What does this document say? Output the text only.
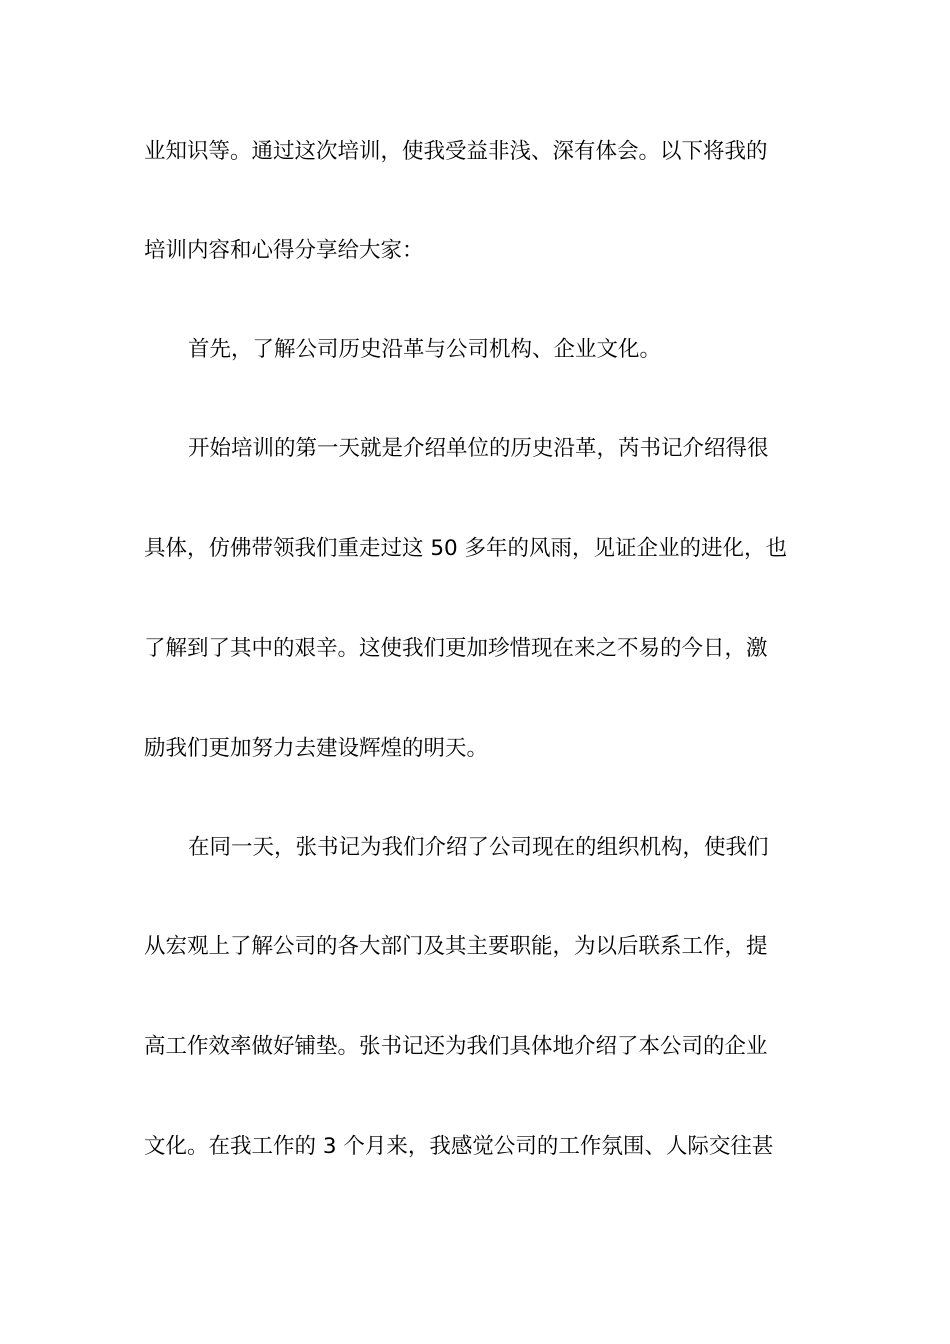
业知识等。通过这次培训，使我受益非浅、深有体会。以下将我的
培训内容和心得分享给大家：
首先，了解公司历史沿革与公司机构、企业文化。
开始培训的第一天就是介绍单位的历史沿革，芮书记介绍得很
具体，仿佛带领我们重走过这 50 多年的风雨，见证企业的进化，也
了解到了其中的艰辛。这使我们更加珍惜现在来之不易的今日，激
励我们更加努力去建设辉煌的明天。
在同一天，张书记为我们介绍了公司现在的组织机构，使我们
从宏观上了解公司的各大部门及其主要职能，为以后联系工作，提
高工作效率做好铺垫。张书记还为我们具体地介绍了本公司的企业
文化。在我工作的 3 个月来，我感觉公司的工作氛围、人际交往甚
